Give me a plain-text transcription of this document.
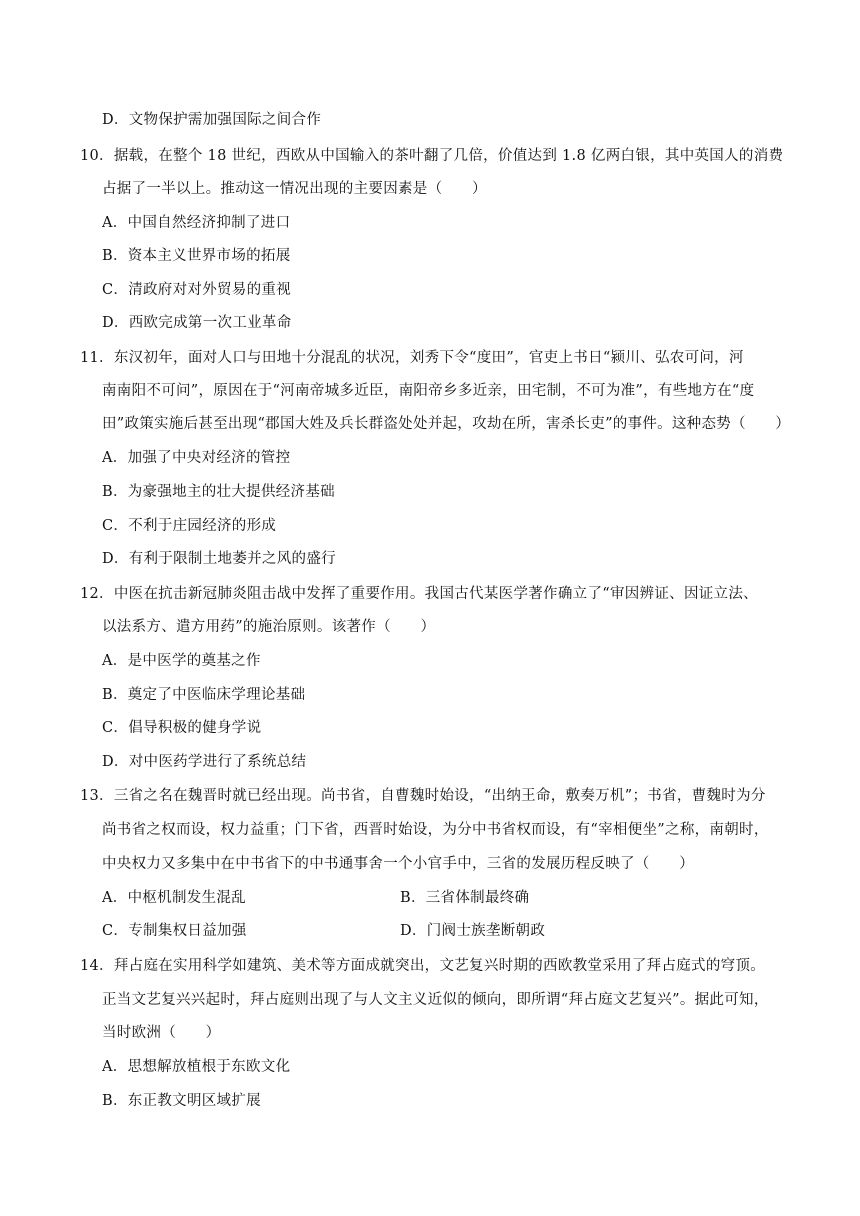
D．文物保护需加强国际之间合作
10．据载，在整个 18 世纪，西欧从中国输入的茶叶翻了几倍，价值达到 1.8 亿两白银，其中英国人的消费
占据了一半以上。推动这一情况出现的主要因素是（　　）
A．中国自然经济抑制了进口
B．资本主义世界市场的拓展
C．清政府对对外贸易的重视
D．西欧完成第一次工业革命
11．东汉初年，面对人口与田地十分混乱的状况，刘秀下令“度田”，官吏上书日“颍川、弘农可问，河
南南阳不可问”，原因在于“河南帝城多近臣，南阳帝乡多近亲，田宅制，不可为准”，有些地方在“度
田”政策实施后甚至出现“郡国大姓及兵长群盗处处并起，攻劫在所，害杀长吏”的事件。这种态势（　　）
A．加强了中央对经济的管控
B．为豪强地主的壮大提供经济基础
C．不利于庄园经济的形成
D．有利于限制土地萎并之风的盛行
12．中医在抗击新冠肺炎阻击战中发挥了重要作用。我国古代某医学著作确立了“审因辨证、因证立法、
以法系方、遣方用药”的施治原则。该著作（　　）
A．是中医学的奠基之作
B．奠定了中医临床学理论基础
C．倡导积极的健身学说
D．对中医药学进行了系统总结
13．三省之名在魏晋时就已经出现。尚书省，自曹魏时始设，“出纳王命，敷奏万机”；书省，曹魏时为分
尚书省之权而设，权力益重；门下省，西晋时始设，为分中书省权而设，有“宰相便坐”之称，南朝时，
中央权力又多集中在中书省下的中书通事舍一个小官手中，三省的发展历程反映了（　　）
A．中枢机制发生混乱	B．三省体制最终确
C．专制集权日益加强	D．门阀士族垄断朝政
14．拜占庭在实用科学如建筑、美术等方面成就突出，文艺复兴时期的西欧教堂采用了拜占庭式的穹顶。
正当文艺复兴兴起时，拜占庭则出现了与人文主义近似的倾向，即所谓“拜占庭文艺复兴”。据此可知，
当时欧洲（　　）
A．思想解放植根于东欧文化
B．东正教文明区域扩展
